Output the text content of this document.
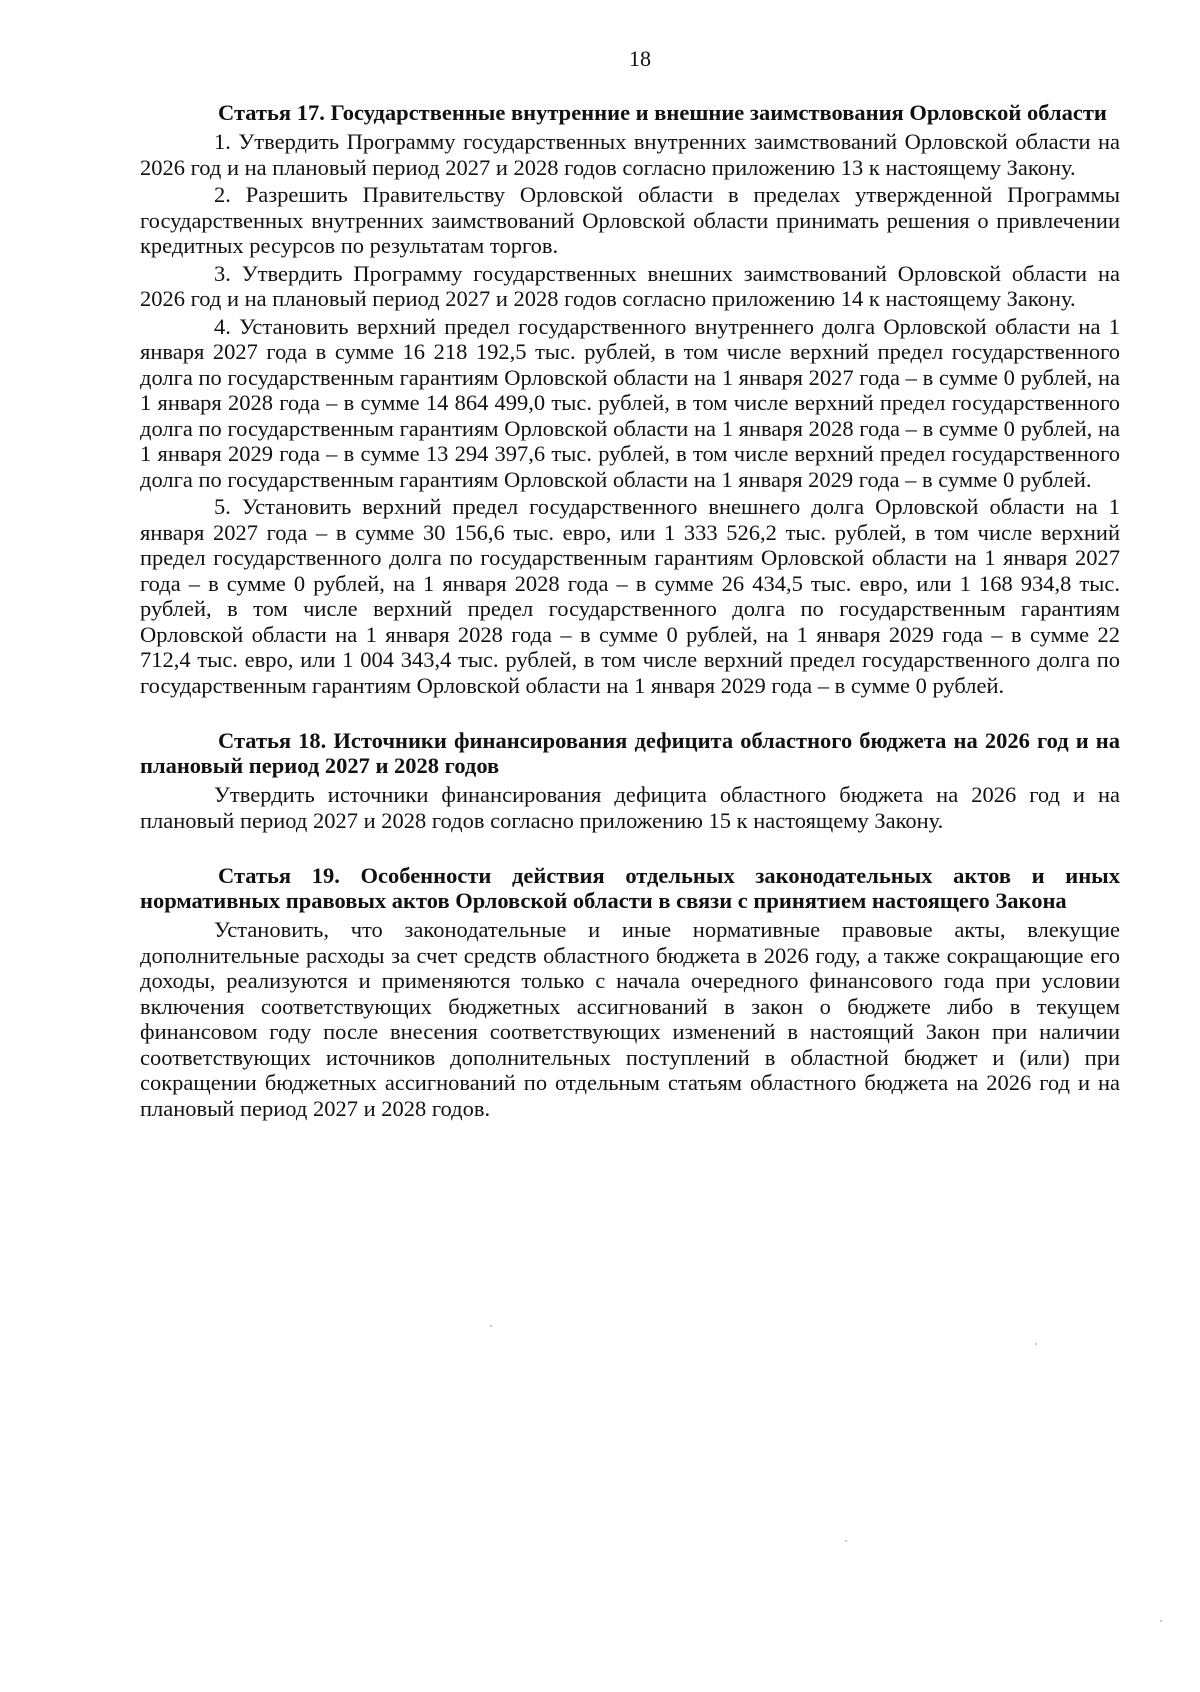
18

Статья 17. Государственные внутренние и внешние заимствования Орловской области

1. Утвердить Программу государственных внутренних заимствований Орловской области на 2026 год и на плановый период 2027 и 2028 годов согласно приложению 13 к настоящему Закону.

2. Разрешить Правительству Орловской области в пределах утвержденной Программы государственных внутренних заимствований Орловской области принимать решения о привлечении кредитных ресурсов по результатам торгов.

3. Утвердить Программу государственных внешних заимствований Орловской области на 2026 год и на плановый период 2027 и 2028 годов согласно приложению 14 к настоящему Закону.

4. Установить верхний предел государственного внутреннего долга Орловской области на 1 января 2027 года в сумме 16 218 192,5 тыс. рублей, в том числе верхний предел государственного долга по государственным гарантиям Орловской области на 1 января 2027 года – в сумме 0 рублей, на 1 января 2028 года – в сумме 14 864 499,0 тыс. рублей, в том числе верхний предел государственного долга по государственным гарантиям Орловской области на 1 января 2028 года – в сумме 0 рублей, на 1 января 2029 года – в сумме 13 294 397,6 тыс. рублей, в том числе верхний предел государственного долга по государственным гарантиям Орловской области на 1 января 2029 года – в сумме 0 рублей.

5. Установить верхний предел государственного внешнего долга Орловской области на 1 января 2027 года – в сумме 30 156,6 тыс. евро, или 1 333 526,2 тыс. рублей, в том числе верхний предел государственного долга по государственным гарантиям Орловской области на 1 января 2027 года – в сумме 0 рублей, на 1 января 2028 года – в сумме 26 434,5 тыс. евро, или 1 168 934,8 тыс. рублей, в том числе верхний предел государственного долга по государственным гарантиям Орловской области на 1 января 2028 года – в сумме 0 рублей, на 1 января 2029 года – в сумме 22 712,4 тыс. евро, или 1 004 343,4 тыс. рублей, в том числе верхний предел государственного долга по государственным гарантиям Орловской области на 1 января 2029 года – в сумме 0 рублей.

Статья 18. Источники финансирования дефицита областного бюджета на 2026 год и на плановый период 2027 и 2028 годов

Утвердить источники финансирования дефицита областного бюджета на 2026 год и на плановый период 2027 и 2028 годов согласно приложению 15 к настоящему Закону.

Статья 19. Особенности действия отдельных законодательных актов и иных нормативных правовых актов Орловской области в связи с принятием настоящего Закона

Установить, что законодательные и иные нормативные правовые акты, влекущие дополнительные расходы за счет средств областного бюджета в 2026 году, а также сокращающие его доходы, реализуются и применяются только с начала очередного финансового года при условии включения соответствующих бюджетных ассигнований в закон о бюджете либо в текущем финансовом году после внесения соответствующих изменений в настоящий Закон при наличии соответствующих источников дополнительных поступлений в областной бюджет и (или) при сокращении бюджетных ассигнований по отдельным статьям областного бюджета на 2026 год и на плановый период 2027 и 2028 годов.
